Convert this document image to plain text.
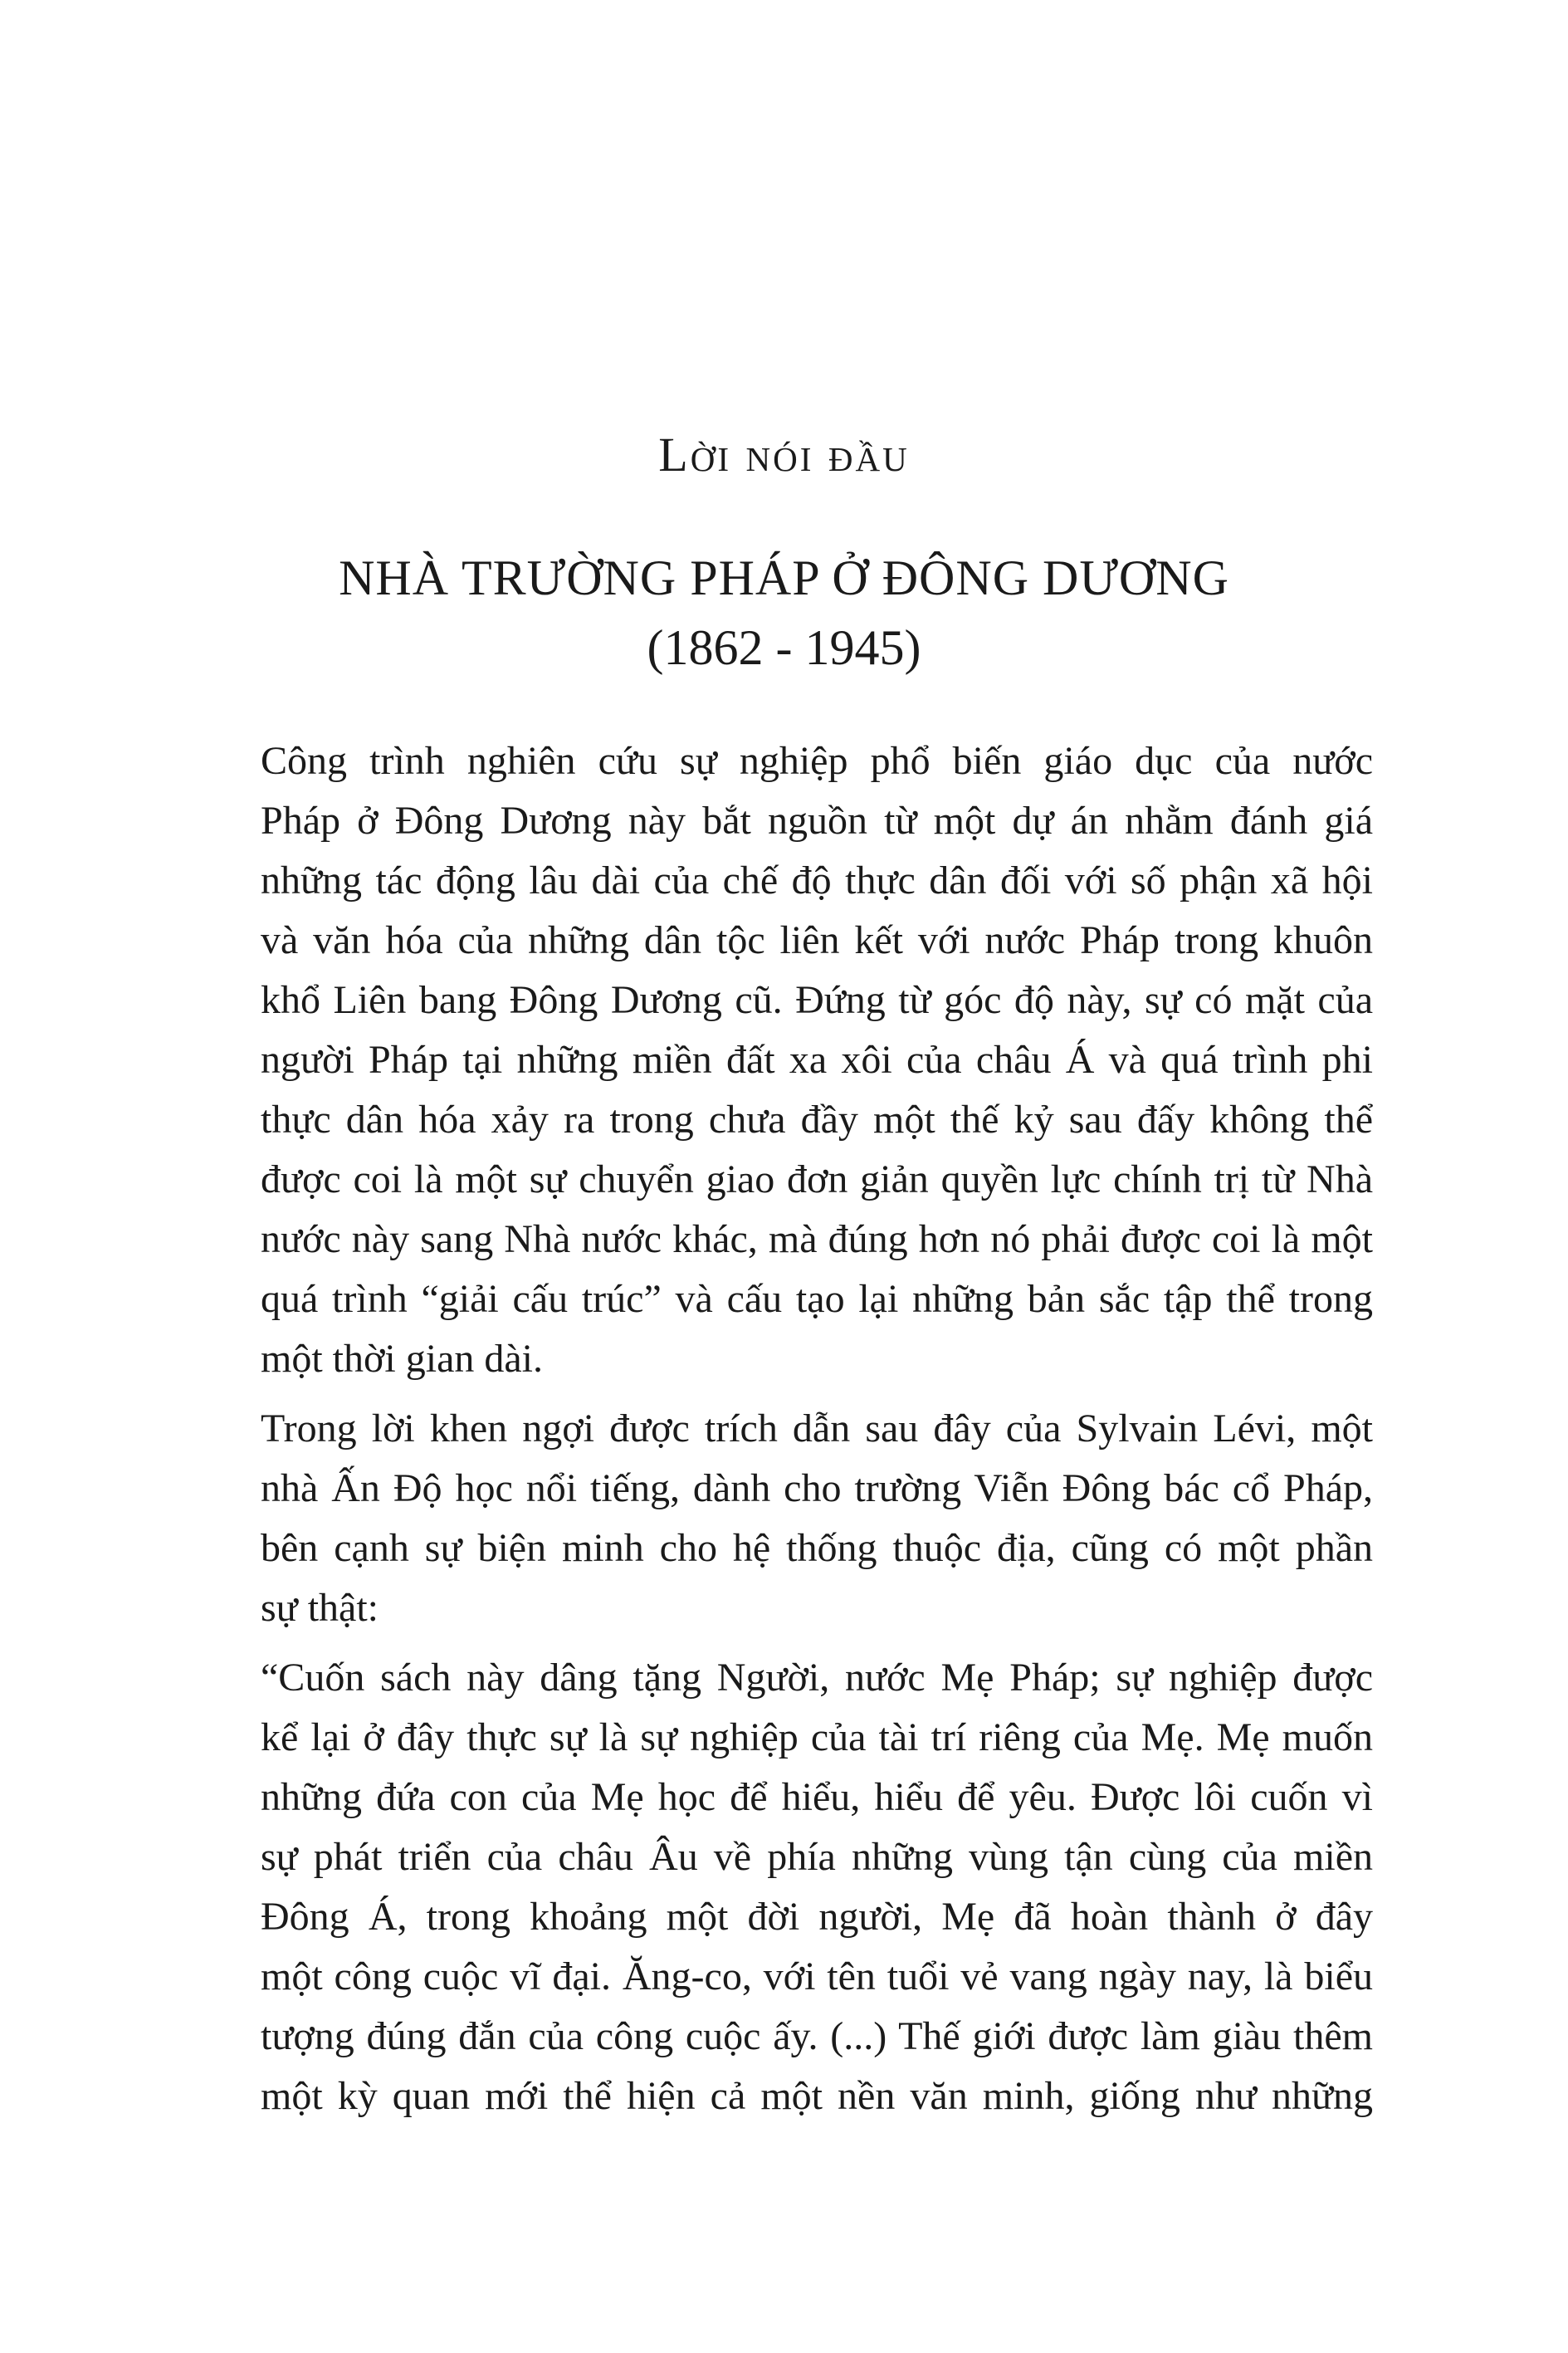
Lời nói đầu
NHÀ TRƯỜNG PHÁP Ở ĐÔNG DƯƠNG
(1862 - 1945)

Công trình nghiên cứu sự nghiệp phổ biến giáo dục của nước
Pháp ở Đông Dương này bắt nguồn từ một dự án nhằm đánh giá
những tác động lâu dài của chế độ thực dân đối với số phận xã hội
và văn hóa của những dân tộc liên kết với nước Pháp trong khuôn
khổ Liên bang Đông Dương cũ. Đứng từ góc độ này, sự có mặt của
người Pháp tại những miền đất xa xôi của châu Á và quá trình phi
thực dân hóa xảy ra trong chưa đầy một thế kỷ sau đấy không thể
được coi là một sự chuyển giao đơn giản quyền lực chính trị từ Nhà
nước này sang Nhà nước khác, mà đúng hơn nó phải được coi là một
quá trình “giải cấu trúc” và cấu tạo lại những bản sắc tập thể trong
một thời gian dài.

Trong lời khen ngợi được trích dẫn sau đây của Sylvain Lévi, một
nhà Ấn Độ học nổi tiếng, dành cho trường Viễn Đông bác cổ Pháp,
bên cạnh sự biện minh cho hệ thống thuộc địa, cũng có một phần
sự thật:

“Cuốn sách này dâng tặng Người, nước Mẹ Pháp; sự nghiệp được
kể lại ở đây thực sự là sự nghiệp của tài trí riêng của Mẹ. Mẹ muốn
những đứa con của Mẹ học để hiểu, hiểu để yêu. Được lôi cuốn vì
sự phát triển của châu Âu về phía những vùng tận cùng của miền
Đông Á, trong khoảng một đời người, Mẹ đã hoàn thành ở đây
một công cuộc vĩ đại. Ăng-co, với tên tuổi vẻ vang ngày nay, là biểu
tượng đúng đắn của công cuộc ấy. (...) Thế giới được làm giàu thêm
một kỳ quan mới thể hiện cả một nền văn minh, giống như những
